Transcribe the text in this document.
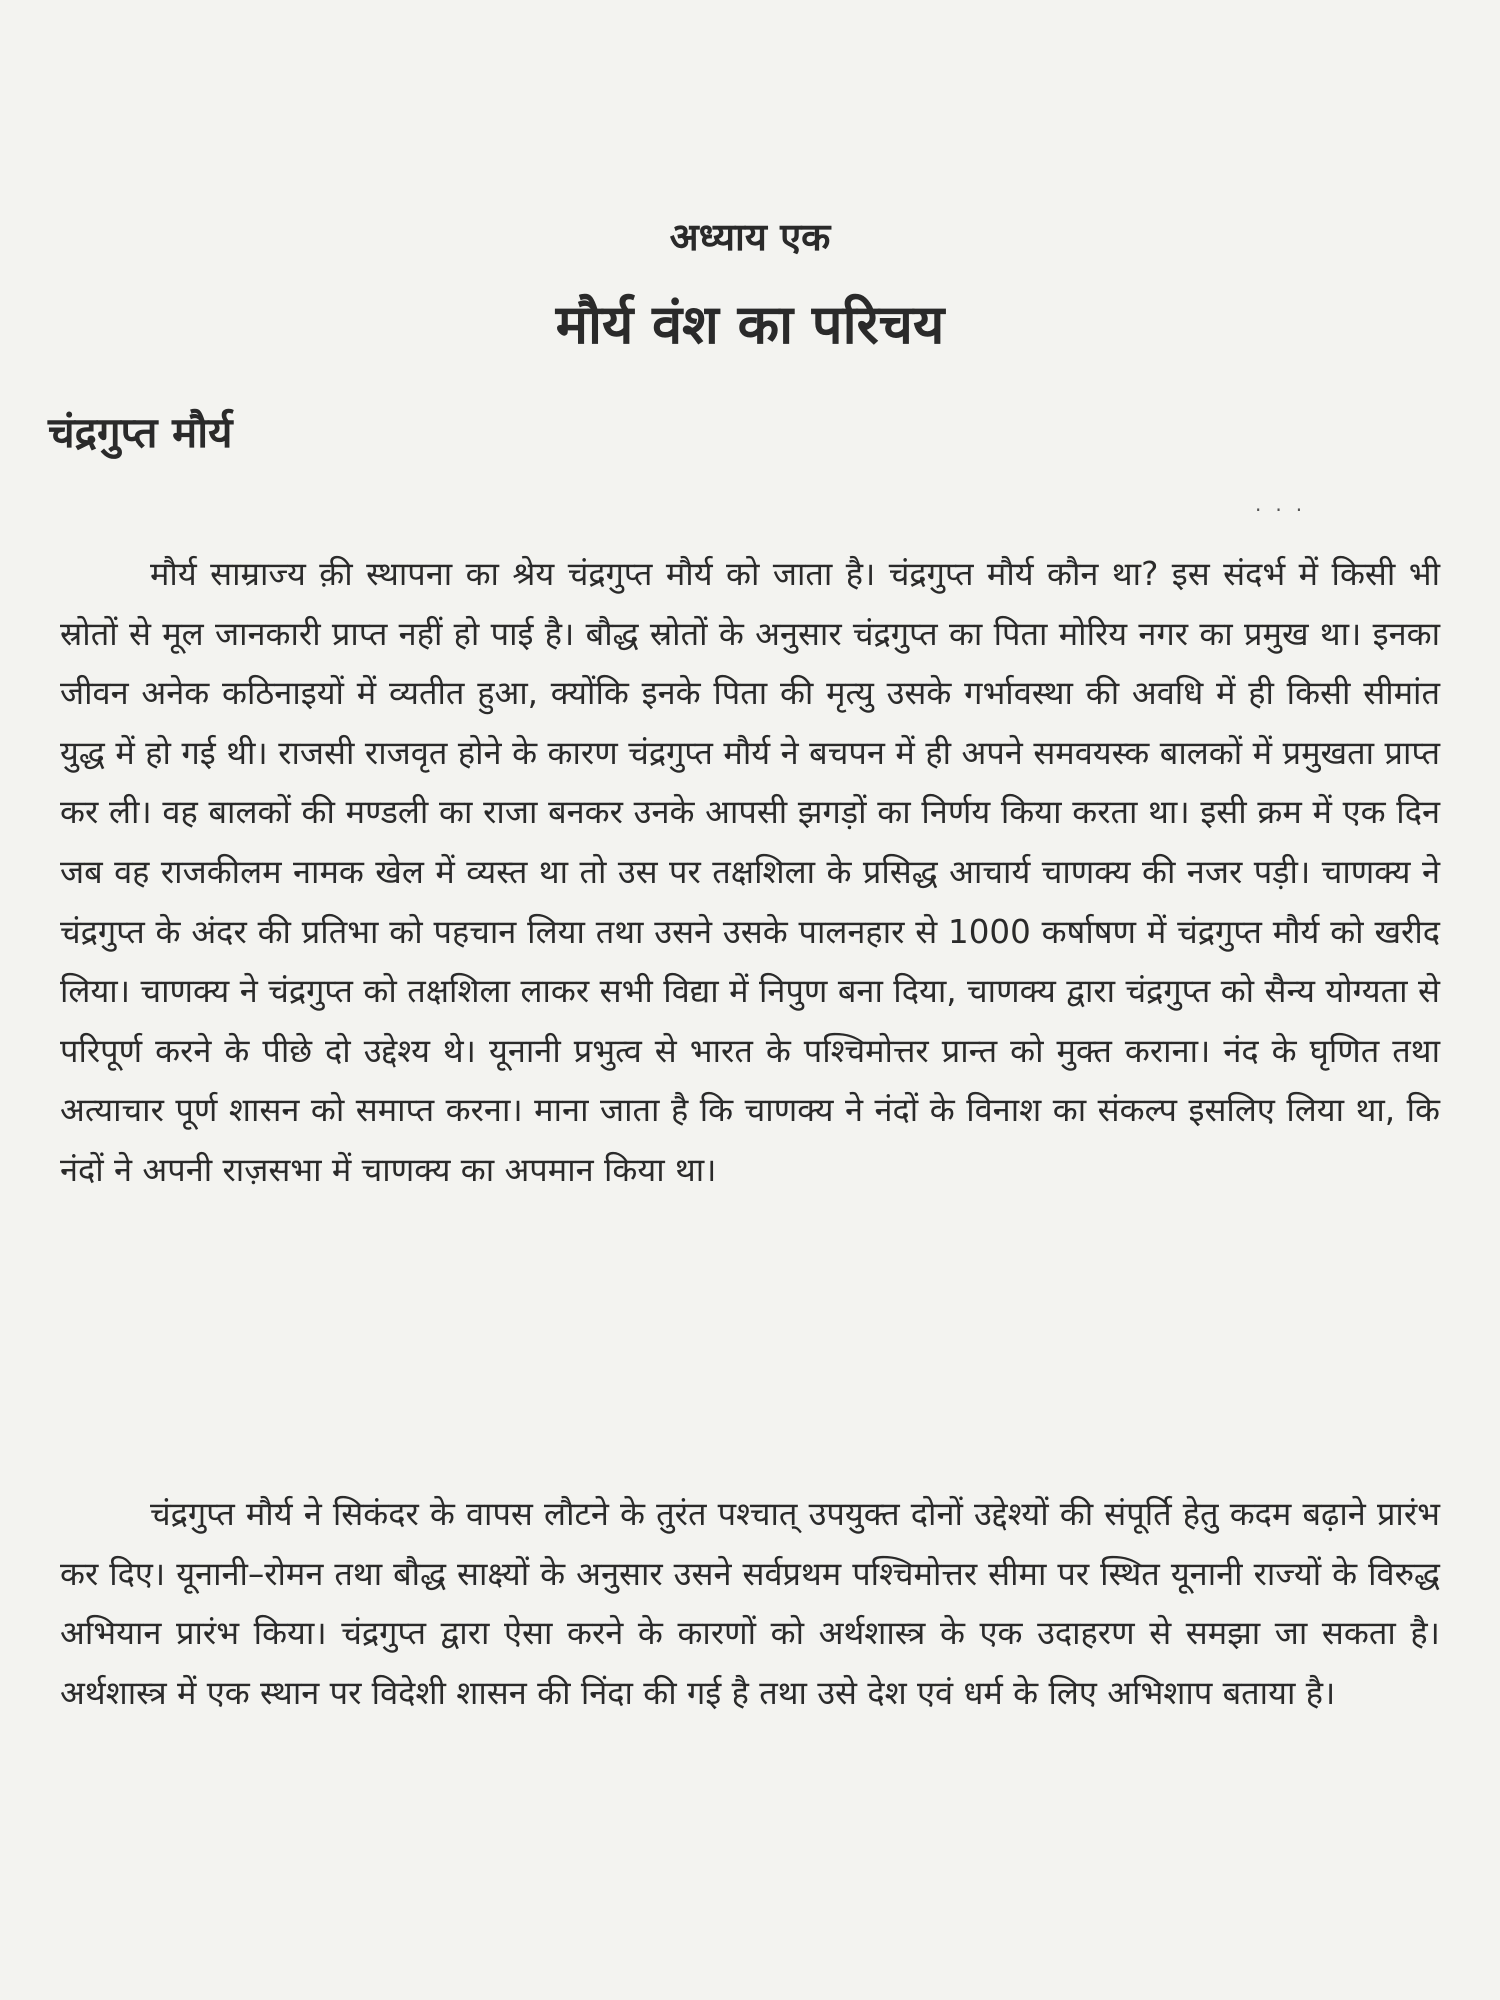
अध्याय एक
मौर्य वंश का परिचय
चंद्रगुप्त मौर्य
· · ·

मौर्य साम्राज्य क़ी स्थापना का श्रेय चंद्रगुप्त मौर्य को जाता है। चंद्रगुप्त मौर्य कौन था? इस संदर्भ में किसी भी स्रोतों से मूल जानकारी प्राप्त नहीं हो पाई है। बौद्ध स्रोतों के अनुसार चंद्रगुप्त का पिता मोरिय नगर का प्रमुख था। इनका जीवन अनेक कठिनाइयों में व्यतीत हुआ, क्योंकि इनके पिता की मृत्यु उसके गर्भावस्था की अवधि में ही किसी सीमांत युद्ध में हो गई थी। राजसी राजवृत होने के कारण चंद्रगुप्त मौर्य ने बचपन में ही अपने समवयस्क बालकों में प्रमुखता प्राप्त कर ली। वह बालकों की मण्डली का राजा बनकर उनके आपसी झगड़ों का निर्णय किया करता था। इसी क्रम में एक दिन जब वह राजकीलम नामक खेल में व्यस्त था तो उस पर तक्षशिला के प्रसिद्ध आचार्य चाणक्य की नजर पड़ी। चाणक्य ने चंद्रगुप्त के अंदर की प्रतिभा को पहचान लिया तथा उसने उसके पालनहार से 1000 कर्षाषण में चंद्रगुप्त मौर्य को खरीद लिया। चाणक्य ने चंद्रगुप्त को तक्षशिला लाकर सभी विद्या में निपुण बना दिया, चाणक्य द्वारा चंद्रगुप्त को सैन्य योग्यता से परिपूर्ण करने के पीछे दो उद्देश्य थे। यूनानी प्रभुत्व से भारत के पश्चिमोत्तर प्रान्त को मुक्त कराना। नंद के घृणित तथा अत्याचार पूर्ण शासन को समाप्त करना। माना जाता है कि चाणक्य ने नंदों के विनाश का संकल्प इसलिए लिया था, कि नंदों ने अपनी राज़सभा में चाणक्य का अपमान किया था।

चंद्रगुप्त मौर्य ने सिकंदर के वापस लौटने के तुरंत पश्चात् उपयुक्त दोनों उद्देश्यों की संपूर्ति हेतु कदम बढ़ाने प्रारंभ कर दिए। यूनानी–रोमन तथा बौद्ध साक्ष्यों के अनुसार उसने सर्वप्रथम पश्चिमोत्तर सीमा पर स्थित यूनानी राज्यों के विरुद्ध अभियान प्रारंभ किया। चंद्रगुप्त द्वारा ऐसा करने के कारणों को अर्थशास्त्र के एक उदाहरण से समझा जा सकता है। अर्थशास्त्र में एक स्थान पर विदेशी शासन की निंदा की गई है तथा उसे देश एवं धर्म के लिए अभिशाप बताया है।
